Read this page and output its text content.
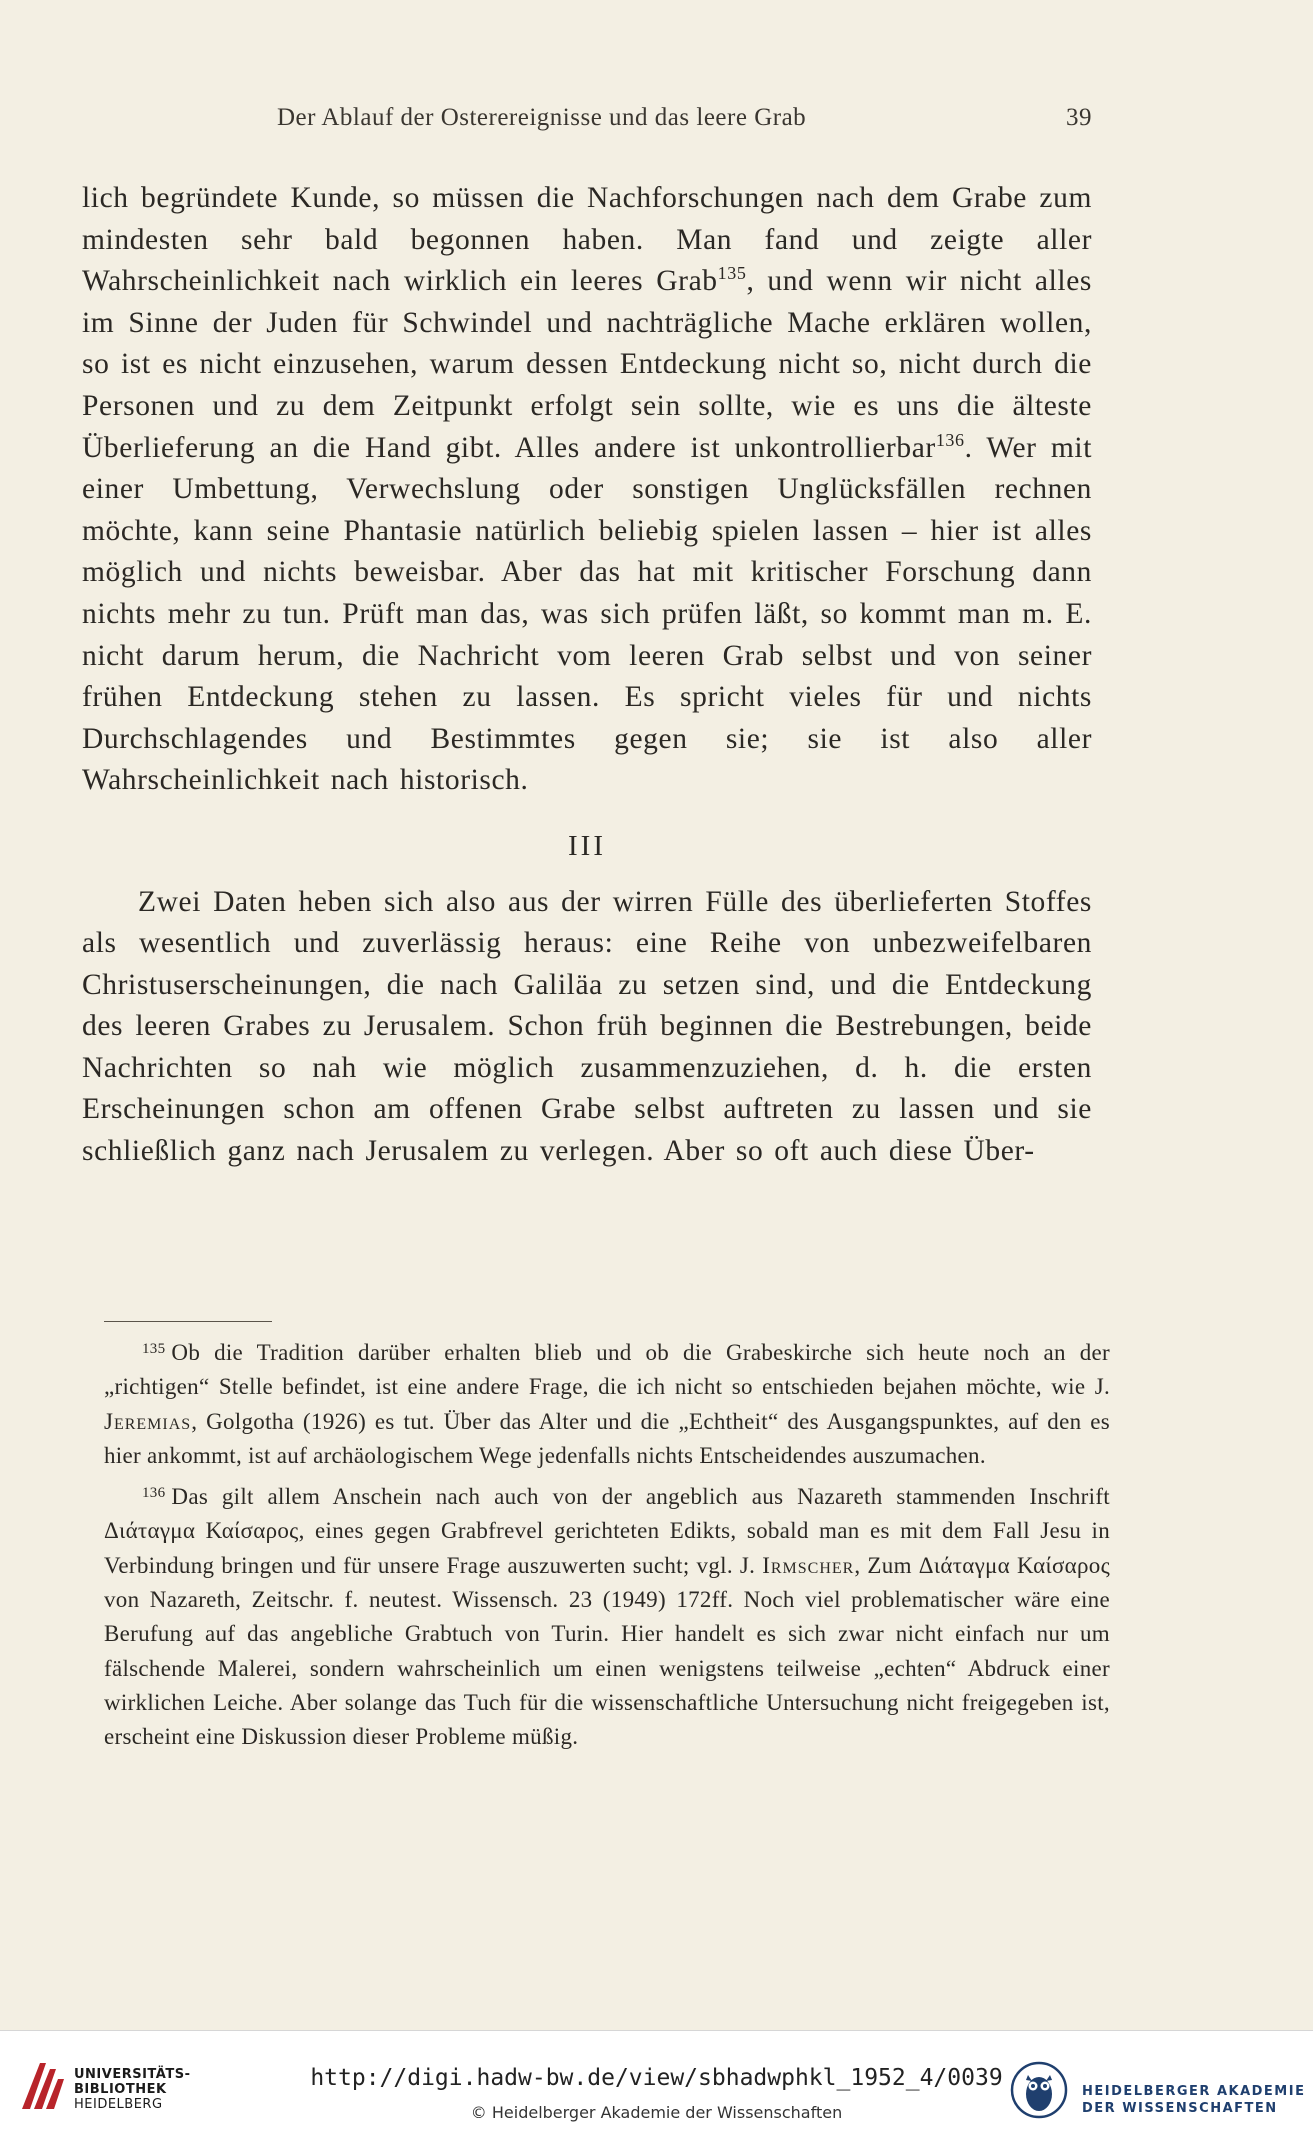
Der Ablauf der Osterereignisse und das leere Grab	39

lich begründete Kunde, so müssen die Nachforschungen nach dem Grabe zum mindesten sehr bald begonnen haben. Man fand und zeigte aller Wahrscheinlichkeit nach wirklich ein leeres Grab$^{135}$, und wenn wir nicht alles im Sinne der Juden für Schwindel und nachträgliche Mache erklären wollen, so ist es nicht einzusehen, warum dessen Entdeckung nicht so, nicht durch die Personen und zu dem Zeitpunkt erfolgt sein sollte, wie es uns die älteste Überlieferung an die Hand gibt. Alles andere ist unkontrollierbar$^{136}$. Wer mit einer Umbettung, Verwechslung oder sonstigen Unglücksfällen rechnen möchte, kann seine Phantasie natürlich beliebig spielen lassen – hier ist alles möglich und nichts beweisbar. Aber das hat mit kritischer Forschung dann nichts mehr zu tun. Prüft man das, was sich prüfen läßt, so kommt man m. E. nicht darum herum, die Nachricht vom leeren Grab selbst und von seiner frühen Entdeckung stehen zu lassen. Es spricht vieles für und nichts Durchschlagendes und Bestimmtes gegen sie; sie ist also aller Wahrscheinlichkeit nach historisch.

III

Zwei Daten heben sich also aus der wirren Fülle des überlieferten Stoffes als wesentlich und zuverlässig heraus: eine Reihe von unbezweifelbaren Christuserscheinungen, die nach Galiläa zu setzen sind, und die Entdeckung des leeren Grabes zu Jerusalem. Schon früh beginnen die Bestrebungen, beide Nachrichten so nah wie möglich zusammenzuziehen, d. h. die ersten Erscheinungen schon am offenen Grabe selbst auftreten zu lassen und sie schließlich ganz nach Jerusalem zu verlegen. Aber so oft auch diese Über-

$^{135}$ Ob die Tradition darüber erhalten blieb und ob die Grabeskirche sich heute noch an der „richtigen“ Stelle befindet, ist eine andere Frage, die ich nicht so entschieden bejahen möchte, wie J. Jeremias, Golgotha (1926) es tut. Über das Alter und die „Echtheit“ des Ausgangspunktes, auf den es hier ankommt, ist auf archäologischem Wege jedenfalls nichts Entscheidendes auszumachen.

$^{136}$ Das gilt allem Anschein nach auch von der angeblich aus Nazareth stammenden Inschrift Διάταγμα Καίσαρος, eines gegen Grabfrevel gerichteten Edikts, sobald man es mit dem Fall Jesu in Verbindung bringen und für unsere Frage auszuwerten sucht; vgl. J. Irmscher, Zum Διάταγμα Καίσαρος von Nazareth, Zeitschr. f. neutest. Wissensch. 23 (1949) 172ff. Noch viel problematischer wäre eine Berufung auf das angebliche Grabtuch von Turin. Hier handelt es sich zwar nicht einfach nur um fälschende Malerei, sondern wahrscheinlich um einen wenigstens teilweise „echten“ Abdruck einer wirklichen Leiche. Aber solange das Tuch für die wissenschaftliche Untersuchung nicht freigegeben ist, erscheint eine Diskussion dieser Probleme müßig.

UNIVERSITÄTS-
BIBLIOTHEK
HEIDELBERG
http://digi.hadw-bw.de/view/sbhadwphkl_1952_4/0039
© Heidelberger Akademie der Wissenschaften
HEIDELBERGER AKADEMIE
DER WISSENSCHAFTEN
